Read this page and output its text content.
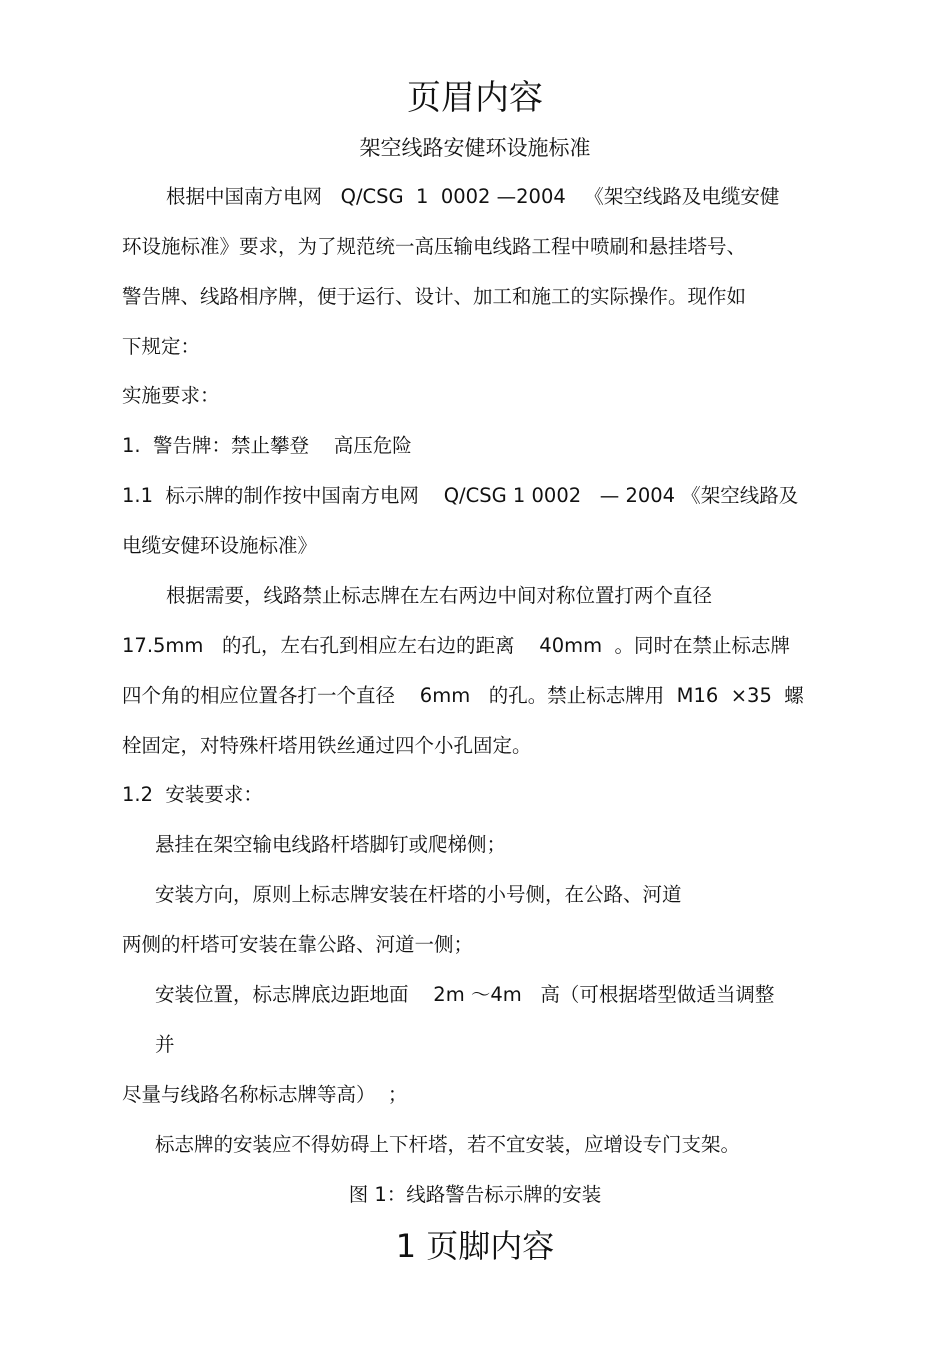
页眉内容
架空线路安健环设施标准
根据中国南方电网   Q/CSG  1  0002 —2004   《架空线路及电缆安健
环设施标准》要求，为了规范统一高压输电线路工程中喷刷和悬挂塔号、
警告牌、线路相序牌，便于运行、设计、加工和施工的实际操作。现作如
下规定：
实施要求：
1.  警告牌：禁止攀登    高压危险
1.1  标示牌的制作按中国南方电网    Q/CSG 1 0002   — 2004 《架空线路及
电缆安健环设施标准》
根据需要，线路禁止标志牌在左右两边中间对称位置打两个直径
17.5mm   的孔，左右孔到相应左右边的距离    40mm  。同时在禁止标志牌
四个角的相应位置各打一个直径    6mm   的孔。禁止标志牌用  M16  ×35  螺
栓固定，对特殊杆塔用铁丝通过四个小孔固定。
1.2  安装要求：
悬挂在架空输电线路杆塔脚钉或爬梯侧；
安装方向，原则上标志牌安装在杆塔的小号侧，在公路、河道
两侧的杆塔可安装在靠公路、河道一侧；
安装位置，标志牌底边距地面    2m ～4m   高（可根据塔型做适当调整
并
尽量与线路名称标志牌等高）  ；
标志牌的安装应不得妨碍上下杆塔，若不宜安装，应增设专门支架。
图 1：线路警告标示牌的安装
1 页脚内容
